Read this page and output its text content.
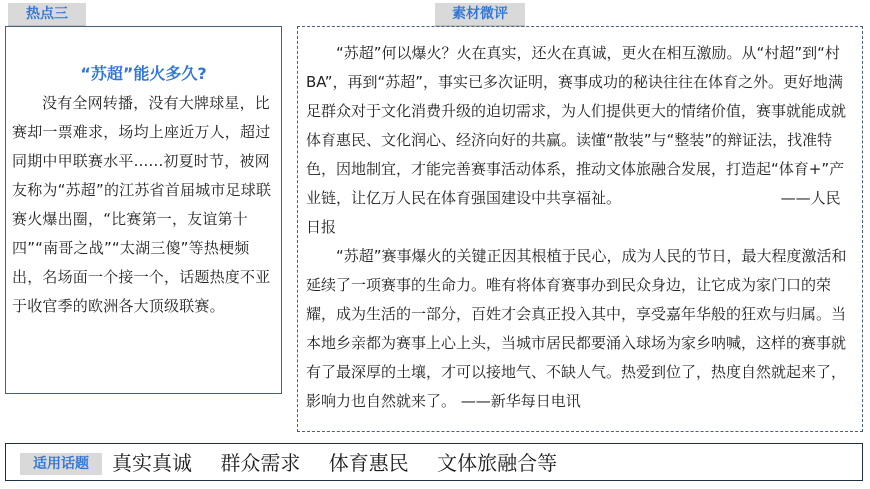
热点三	素材微评
“苏超”能火多久?
没有全网转播，没有大牌球星，比赛却一票难求，场均上座近万人，超过同期中甲联赛水平......初夏时节，被网友称为“苏超”的江苏省首届城市足球联赛火爆出圈，“比赛第一，友谊第十四”“南哥之战”“太湖三傻”等热梗频出，名场面一个接一个，话题热度不亚于收官季的欧洲各大顶级联赛。

“苏超”何以爆火？火在真实，还火在真诚，更火在相互激励。从“村超”到“村BA”，再到“苏超”，事实已多次证明，赛事成功的秘诀往往在体育之外。更好地满足群众对于文化消费升级的迫切需求，为人们提供更大的情绪价值，赛事就能成就体育惠民、文化润心、经济向好的共赢。读懂“散装”与“整装”的辩证法，找准特色，因地制宜，才能完善赛事活动体系，推动文体旅融合发展，打造起“体育+”产业链，让亿万人民在体育强国建设中共享福祉。	——人民日报

“苏超”赛事爆火的关键正因其根植于民心，成为人民的节日，最大程度激活和延续了一项赛事的生命力。唯有将体育赛事办到民众身边，让它成为家门口的荣耀，成为生活的一部分，百姓才会真正投入其中，享受嘉年华般的狂欢与归属。当本地乡亲都为赛事上心上头，当城市居民都要涌入球场为家乡呐喊，这样的赛事就有了最深厚的土壤，才可以接地气、不缺人气。热爱到位了，热度自然就起来了，影响力也自然就来了。 ——新华每日电讯

适用话题	真实真诚 群众需求 体育惠民 文体旅融合等
